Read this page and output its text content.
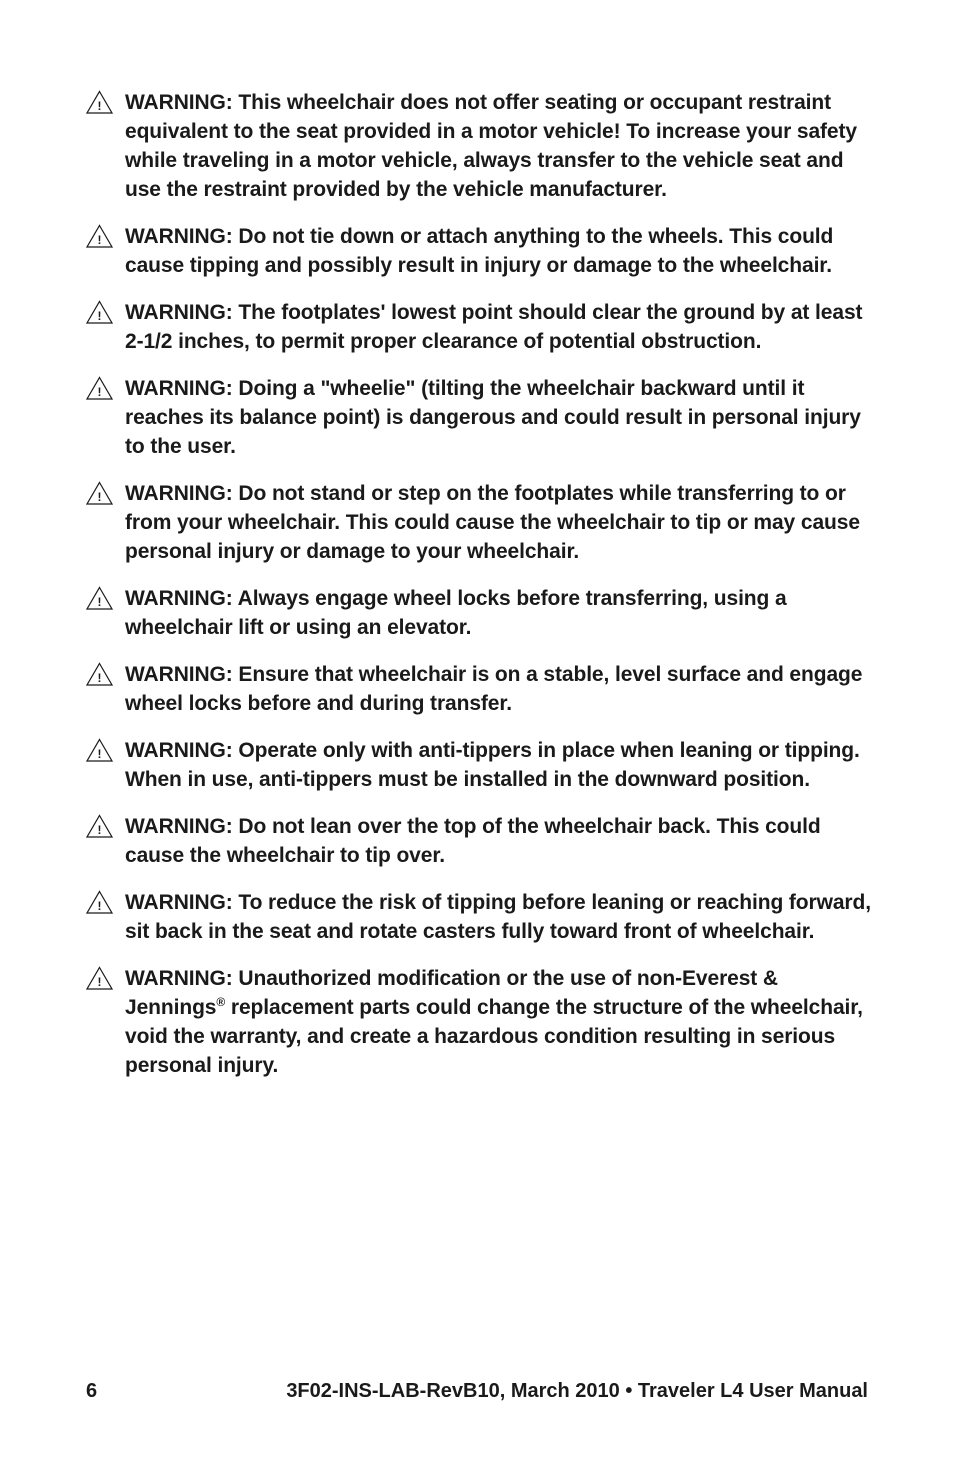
! WARNING: This wheelchair does not offer seating or occupant restraint equivalent to the seat provided in a motor vehicle! To increase your safety while traveling in a motor vehicle, always transfer to the vehicle seat and use the restraint provided by the vehicle manufacturer.
! WARNING: Do not tie down or attach anything to the wheels. This could cause tipping and possibly result in injury or damage to the wheelchair.
! WARNING: The footplates' lowest point should clear the ground by at least 2-1/2 inches, to permit proper clearance of potential obstruction.
! WARNING: Doing a "wheelie" (tilting the wheelchair backward until it reaches its balance point) is dangerous and could result in personal injury to the user.
! WARNING: Do not stand or step on the footplates while transferring to or from your wheelchair. This could cause the wheelchair to tip or may cause personal injury or damage to your wheelchair.
! WARNING: Always engage wheel locks before transferring, using a wheelchair lift or using an elevator.
! WARNING: Ensure that wheelchair is on a stable, level surface and engage wheel locks before and during transfer.
! WARNING: Operate only with anti-tippers in place when leaning or tipping. When in use, anti-tippers must be installed in the downward position.
! WARNING: Do not lean over the top of the wheelchair back. This could cause the wheelchair to tip over.
! WARNING: To reduce the risk of tipping before leaning or reaching forward, sit back in the seat and rotate casters fully toward front of wheelchair.
! WARNING: Unauthorized modification or the use of non-Everest & Jennings® replacement parts could change the structure of the wheelchair, void the warranty, and create a hazardous condition resulting in serious personal injury.
6	3F02-INS-LAB-RevB10, March 2010 • Traveler L4 User Manual
